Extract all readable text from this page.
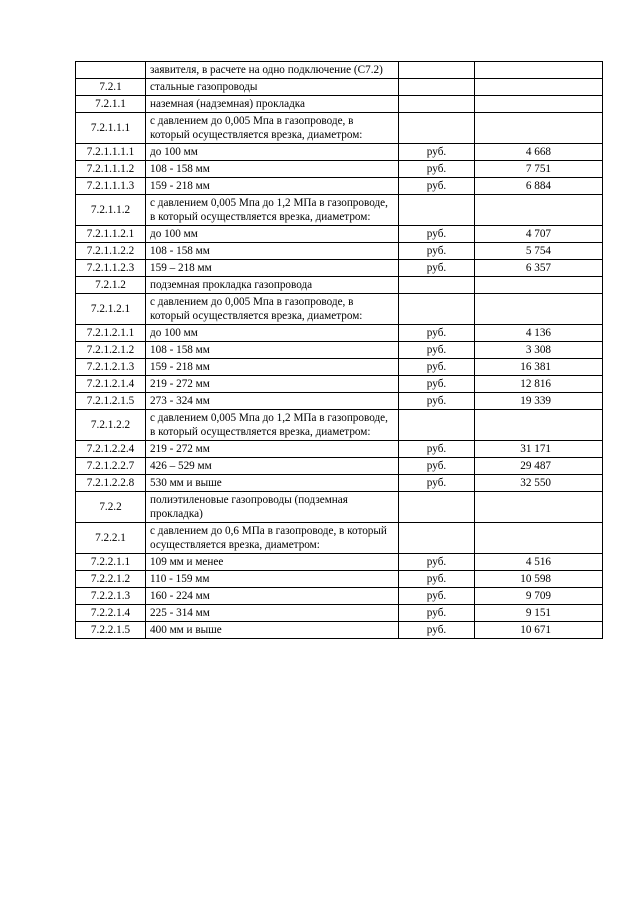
	заявителя, в расчете на одно подключение (С7.2)		
7.2.1	стальные газопроводы		
7.2.1.1	наземная (надземная) прокладка		
7.2.1.1.1	с давлением до 0,005 Мпа в газопроводе, в который осуществляется врезка, диаметром:		
7.2.1.1.1.1	до 100 мм	руб.	4 668
7.2.1.1.1.2	108 - 158 мм	руб.	7 751
7.2.1.1.1.3	159 - 218 мм	руб.	6 884
7.2.1.1.2	с давлением 0,005 Мпа до 1,2 МПа в газопроводе, в который осуществляется врезка, диаметром:		
7.2.1.1.2.1	до 100 мм	руб.	4 707
7.2.1.1.2.2	108 - 158 мм	руб.	5 754
7.2.1.1.2.3	159 – 218 мм	руб.	6 357
7.2.1.2	подземная прокладка газопровода		
7.2.1.2.1	с давлением до 0,005 Мпа в газопроводе, в который осуществляется врезка, диаметром:		
7.2.1.2.1.1	до 100 мм	руб.	4 136
7.2.1.2.1.2	108 - 158 мм	руб.	3 308
7.2.1.2.1.3	159 - 218 мм	руб.	16 381
7.2.1.2.1.4	219 - 272 мм	руб.	12 816
7.2.1.2.1.5	273 - 324 мм	руб.	19 339
7.2.1.2.2	с давлением 0,005 Мпа до 1,2 МПа в газопроводе, в который осуществляется врезка, диаметром:		
7.2.1.2.2.4	219 - 272 мм	руб.	31 171
7.2.1.2.2.7	426 – 529 мм	руб.	29 487
7.2.1.2.2.8	530 мм и выше	руб.	32 550
7.2.2	полиэтиленовые газопроводы (подземная прокладка)		
7.2.2.1	с давлением до 0,6 МПа в газопроводе, в который осуществляется врезка, диаметром:		
7.2.2.1.1	109 мм и менее	руб.	4 516
7.2.2.1.2	110 - 159 мм	руб.	10 598
7.2.2.1.3	160 - 224 мм	руб.	9 709
7.2.2.1.4	225 - 314 мм	руб.	9 151
7.2.2.1.5	400 мм и выше	руб.	10 671
